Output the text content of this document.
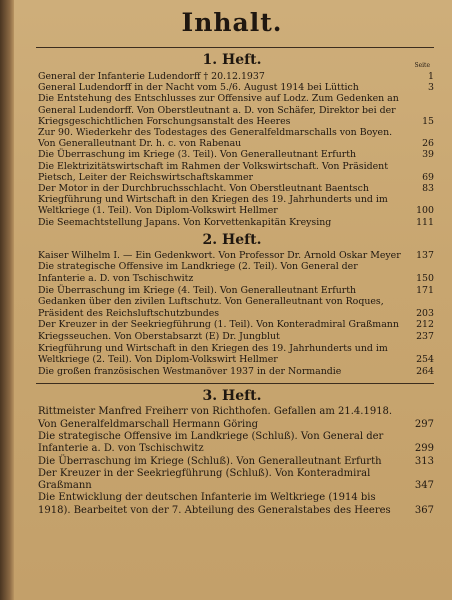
Inhalt.
1. Heft.	Seite
General der Infanterie Ludendorff † 20.12.1937	1
General Ludendorff in der Nacht vom 5./6. August 1914 bei Lüttich	3
Die Entstehung des Entschlusses zur Offensive auf Lodz. Zum Gedenken an General Ludendorff. Von Oberstleutnant a. D. von Schäfer, Direktor bei der Kriegsgeschichtlichen Forschungsanstalt des Heeres	15
Zur 90. Wiederkehr des Todestages des Generalfeldmarschalls von Boyen. Von Generalleutnant Dr. h. c. von Rabenau	26
Die Überraschung im Kriege (3. Teil). Von Generalleutnant Erfurth	39
Die Elektrizitätswirtschaft im Rahmen der Volkswirtschaft. Von Präsident Pietsch, Leiter der Reichswirtschaftskammer	69
Der Motor in der Durchbruchsschlacht. Von Oberstleutnant Baentsch	83
Kriegführung und Wirtschaft in den Kriegen des 19. Jahrhunderts und im Weltkriege (1. Teil). Von Diplom-Volkswirt Hellmer	100
Die Seemachtstellung Japans. Von Korvettenkapitän Kreysing	111
2. Heft.
Kaiser Wilhelm I. — Ein Gedenkwort. Von Professor Dr. Arnold Oskar Meyer	137
Die strategische Offensive im Landkriege (2. Teil). Von General der Infanterie a. D. von Tschischwitz	150
Die Überraschung im Kriege (4. Teil). Von Generalleutnant Erfurth	171
Gedanken über den zivilen Luftschutz. Von Generalleutnant von Roques, Präsident des Reichsluftschutzbundes	203
Der Kreuzer in der Seekriegführung (1. Teil). Von Konteradmiral Graßmann	212
Kriegsseuchen. Von Oberstabsarzt (E) Dr. Jungblut	237
Kriegführung und Wirtschaft in den Kriegen des 19. Jahrhunderts und im Weltkriege (2. Teil). Von Diplom-Volkswirt Hellmer	254
Die großen französischen Westmanöver 1937 in der Normandie	264
3. Heft.
Rittmeister Manfred Freiherr von Richthofen. Gefallen am 21.4.1918. Von Generalfeldmarschall Hermann Göring	297
Die strategische Offensive im Landkriege (Schluß). Von General der Infanterie a. D. von Tschischwitz	299
Die Überraschung im Kriege (Schluß). Von Generalleutnant Erfurth	313
Der Kreuzer in der Seekriegführung (Schluß). Von Konteradmiral Graßmann	347
Die Entwicklung der deutschen Infanterie im Weltkriege (1914 bis 1918). Bearbeitet von der 7. Abteilung des Generalstabes des Heeres	367
